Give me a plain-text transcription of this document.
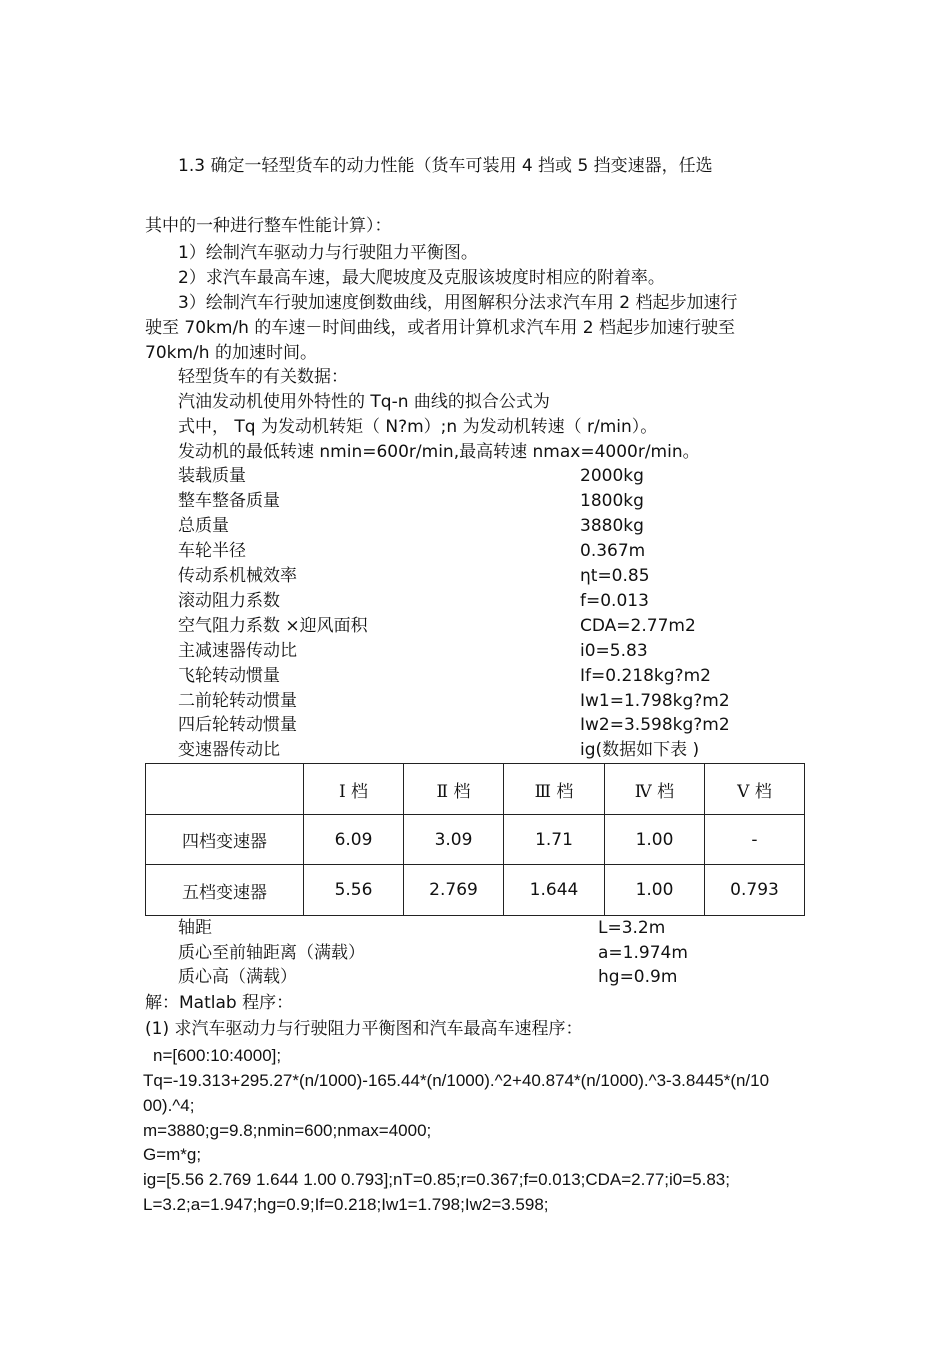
1.3 确定一轻型货车的动力性能（货车可装用 4 挡或 5 挡变速器，任选
其中的一种进行整车性能计算）：
1）绘制汽车驱动力与行驶阻力平衡图。
2）求汽车最高车速，最大爬坡度及克服该坡度时相应的附着率。
3）绘制汽车行驶加速度倒数曲线，用图解积分法求汽车用 2 档起步加速行
驶至 70km/h 的车速－时间曲线，或者用计算机求汽车用 2 档起步加速行驶至
70km/h 的加速时间。
轻型货车的有关数据：
汽油发动机使用外特性的 Tq-n 曲线的拟合公式为
式中， Tq 为发动机转矩（ N?m）;n 为发动机转速（ r/min）。
发动机的最低转速 nmin=600r/min,最高转速 nmax=4000r/min。
装载质量	2000kg
整车整备质量	1800kg
总质量	3880kg
车轮半径	0.367m
传动系机械效率	ηt=0.85
滚动阻力系数	f=0.013
空气阻力系数 ×迎风面积	CDA=2.77m2
主减速器传动比	i0=5.83
飞轮转动惯量	If=0.218kg?m2
二前轮转动惯量	Iw1=1.798kg?m2
四后轮转动惯量	Iw2=3.598kg?m2
变速器传动比	ig(数据如下表 )
	Ⅰ 档	Ⅱ 档	Ⅲ 档	Ⅳ 档	Ⅴ 档
四档变速器	6.09	3.09	1.71	1.00	-
五档变速器	5.56	2.769	1.644	1.00	0.793
轴距	L=3.2m
质心至前轴距离（满载）	a=1.974m
质心高（满载）	hg=0.9m
解：Matlab 程序：
(1) 求汽车驱动力与行驶阻力平衡图和汽车最高车速程序：
n=[600:10:4000];
Tq=-19.313+295.27*(n/1000)-165.44*(n/1000).^2+40.874*(n/1000).^3-3.8445*(n/10
00).^4;
m=3880;g=9.8;nmin=600;nmax=4000;
G=m*g;
ig=[5.56 2.769 1.644 1.00 0.793];nT=0.85;r=0.367;f=0.013;CDA=2.77;i0=5.83;
L=3.2;a=1.947;hg=0.9;If=0.218;Iw1=1.798;Iw2=3.598;
